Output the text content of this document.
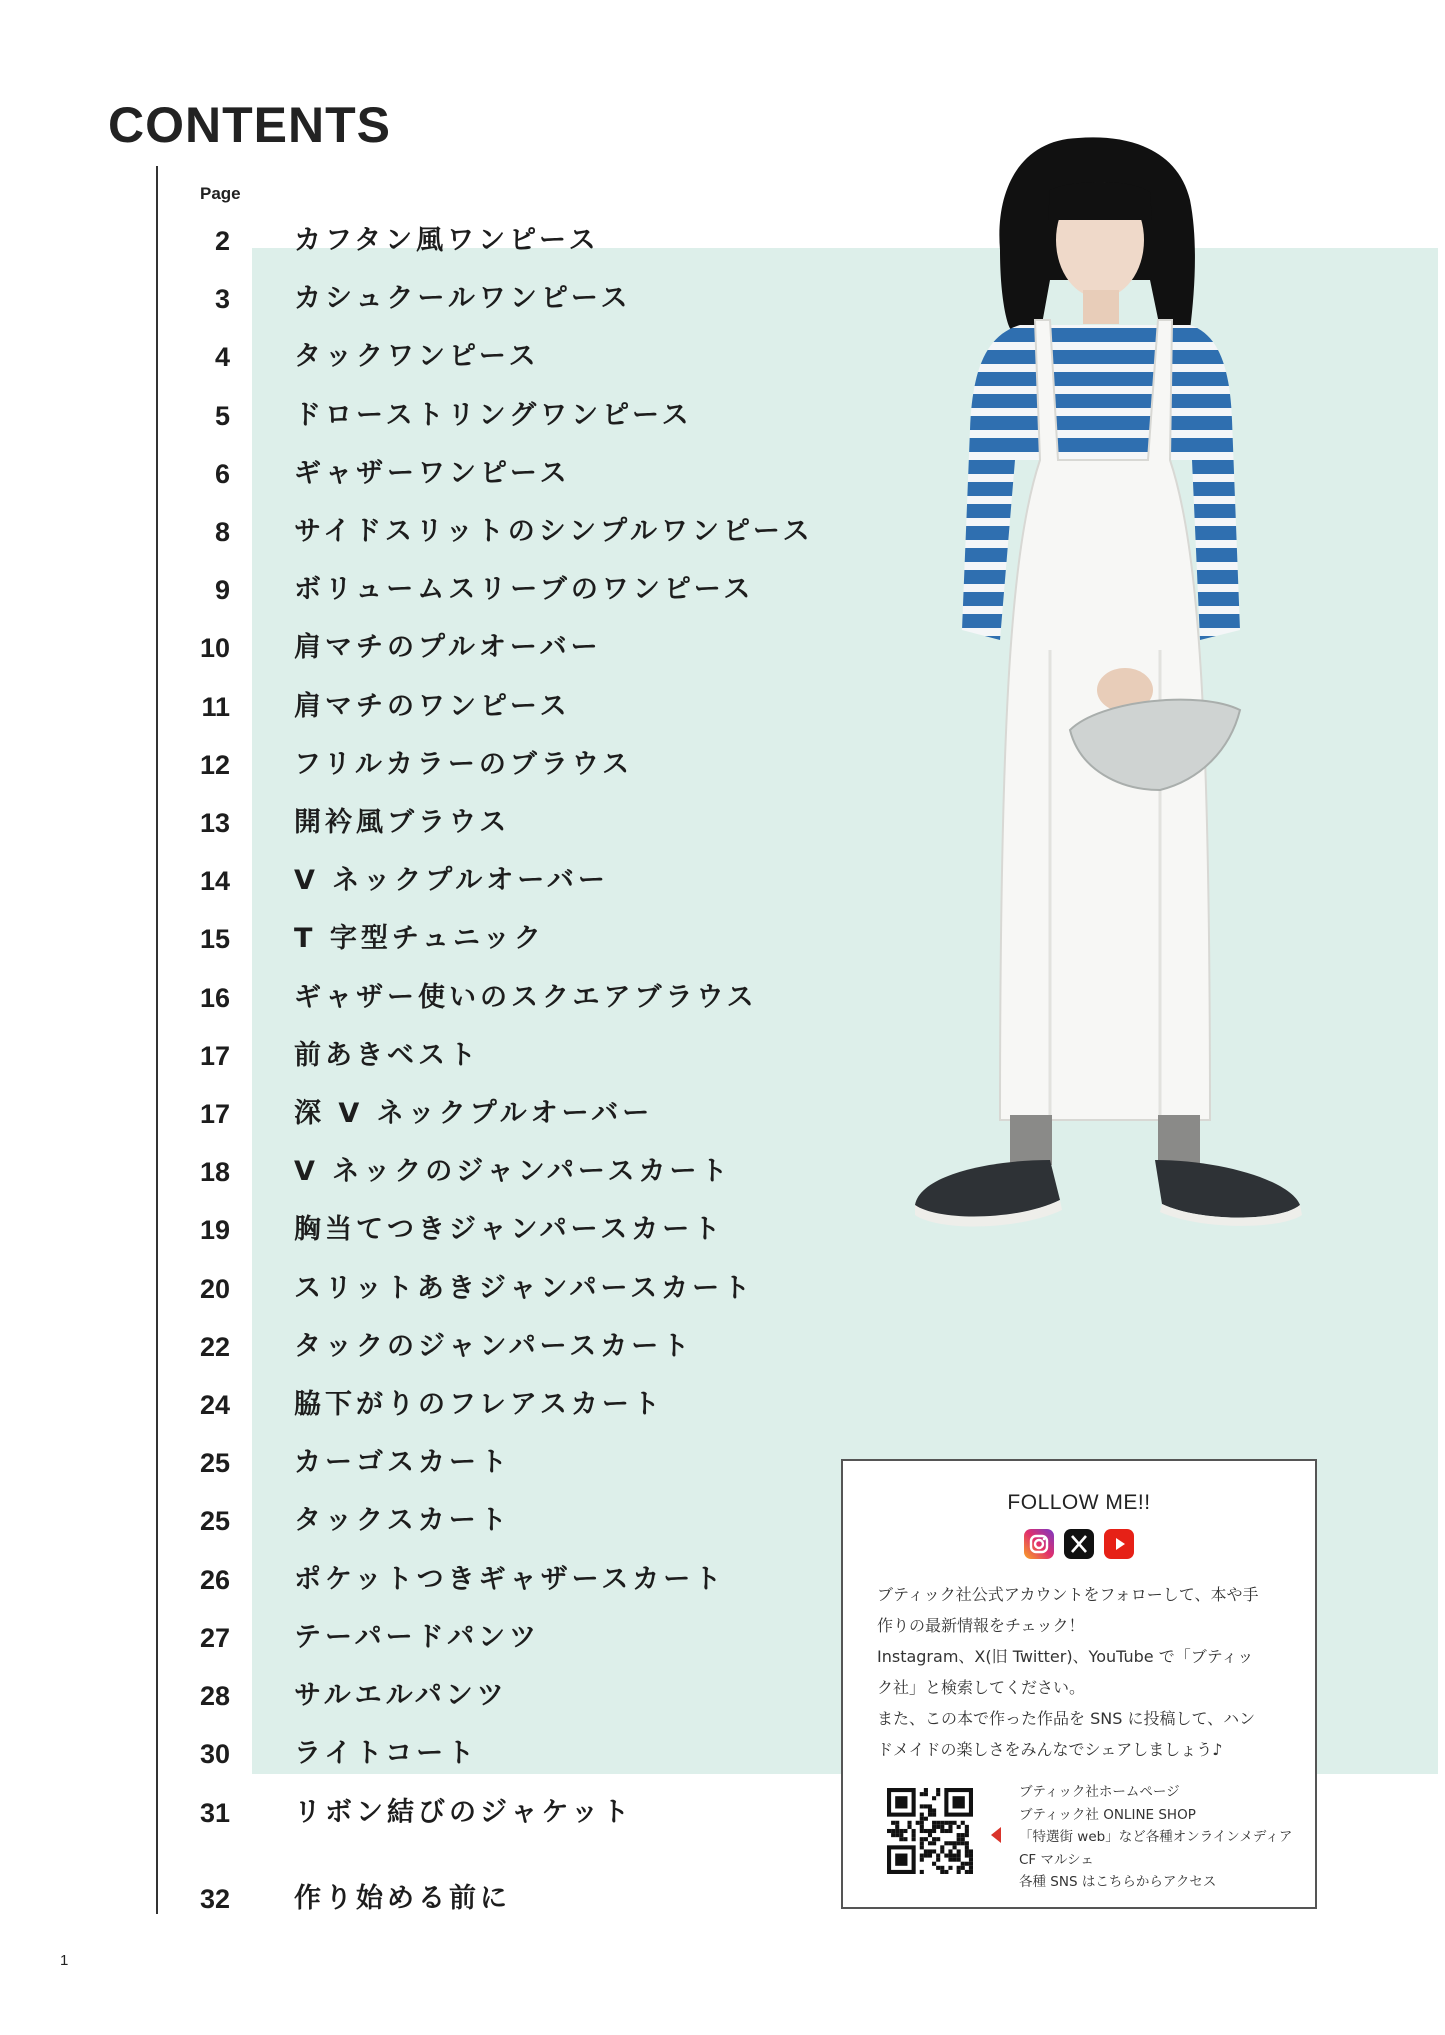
CONTENTS
Page
2 カフタン風ワンピース
3 カシュクールワンピース
4 タックワンピース
5 ドローストリングワンピース
6 ギャザーワンピース
8 サイドスリットのシンプルワンピース
9 ボリュームスリーブのワンピース
10 肩マチのプルオーバー
11 肩マチのワンピース
12 フリルカラーのブラウス
13 開衿風ブラウス
14 V ネックプルオーバー
15 T 字型チュニック
16 ギャザー使いのスクエアブラウス
17 前あきベスト
17 深 V ネックプルオーバー
18 V ネックのジャンパースカート
19 胸当てつきジャンパースカート
20 スリットあきジャンパースカート
22 タックのジャンパースカート
24 脇下がりのフレアスカート
25 カーゴスカート
25 タックスカート
26 ポケットつきギャザースカート
27 テーパードパンツ
28 サルエルパンツ
30 ライトコート
31 リボン結びのジャケット
32 作り始める前に
FOLLOW ME!!

ブティック社公式アカウントをフォローして、本や手

作りの最新情報をチェック！

Instagram、X(旧 Twitter)、YouTube で「ブティッ

ク社」と検索してください。

また、この本で作った作品を SNS に投稿して、ハン

ドメイドの楽しさをみんなでシェアしましょう♪

ブティック社ホームページ
ブティック社 ONLINE SHOP
「特選街 web」など各種オンラインメディア
CF マルシェ
各種 SNS はこちらからアクセス
1
